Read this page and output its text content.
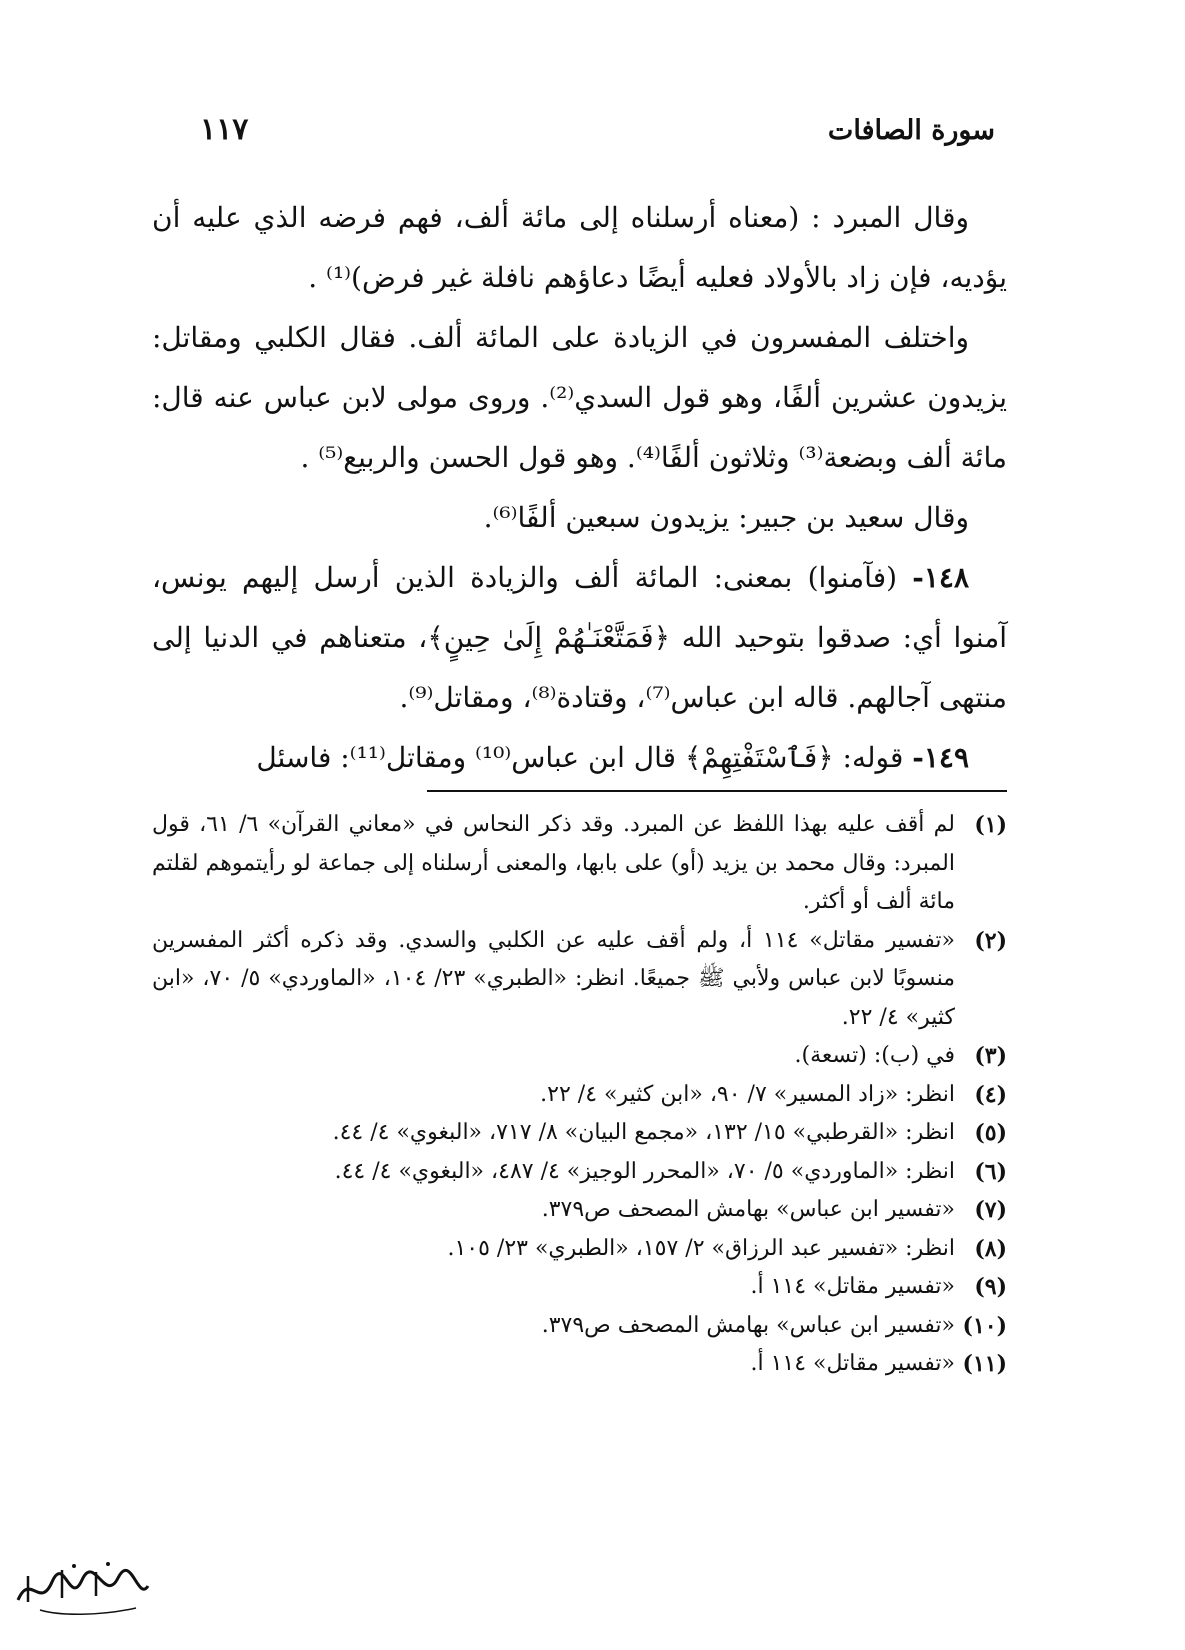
سورة الصافات
١١٧

وقال المبرد : (معناه أرسلناه إلى مائة ألف، فهم فرضه الذي عليه أن يؤديه، فإن زاد بالأولاد فعليه أيضًا دعاؤهم نافلة غير فرض)⁽¹⁾ .

واختلف المفسرون في الزيادة على المائة ألف. فقال الكلبي ومقاتل: يزيدون عشرين ألفًا، وهو قول السدي⁽²⁾. وروى مولى لابن عباس عنه قال: مائة ألف وبضعة⁽³⁾ وثلاثون ألفًا⁽⁴⁾. وهو قول الحسن والربيع⁽⁵⁾ .

وقال سعيد بن جبير: يزيدون سبعين ألفًا⁽⁶⁾.

١٤٨- (فآمنوا) بمعنى: المائة ألف والزيادة الذين أرسل إليهم يونس، آمنوا أي: صدقوا بتوحيد الله ﴿فَمَتَّعْنَـٰهُمْ إِلَىٰ حِينٍ﴾، متعناهم في الدنيا إلى منتهى آجالهم. قاله ابن عباس⁽⁷⁾، وقتادة⁽⁸⁾، ومقاتل⁽⁹⁾.

١٤٩- قوله: ﴿فَٱسْتَفْتِهِمْ﴾ قال ابن عباس⁽¹⁰⁾ ومقاتل⁽¹¹⁾: فاسئل

(١)
لم أقف عليه بهذا اللفظ عن المبرد. وقد ذكر النحاس في «معاني القرآن» ٦/ ٦١، قول المبرد: وقال محمد بن يزيد (أو) على بابها، والمعنى أرسلناه إلى جماعة لو رأيتموهم لقلتم مائة ألف أو أكثر.
(٢)
«تفسير مقاتل» ١١٤ أ، ولم أقف عليه عن الكلبي والسدي. وقد ذكره أكثر المفسرين منسوبًا لابن عباس ولأبي ﷺ جميعًا. انظر: «الطبري» ٢٣/ ١٠٤، «الماوردي» ٥/ ٧٠، «ابن كثير» ٤/ ٢٢.
(٣)
في (ب): (تسعة).
(٤)
انظر: «زاد المسير» ٧/ ٩٠، «ابن كثير» ٤/ ٢٢.
(٥)
انظر: «القرطبي» ١٥/ ١٣٢، «مجمع البيان» ٨/ ٧١٧، «البغوي» ٤/ ٤٤.
(٦)
انظر: «الماوردي» ٥/ ٧٠، «المحرر الوجيز» ٤/ ٤٨٧، «البغوي» ٤/ ٤٤.
(٧)
«تفسير ابن عباس» بهامش المصحف ص٣٧٩.
(٨)
انظر: «تفسير عبد الرزاق» ٢/ ١٥٧، «الطبري» ٢٣/ ١٠٥.
(٩)
«تفسير مقاتل» ١١٤ أ.
(١٠)
«تفسير ابن عباس» بهامش المصحف ص٣٧٩.
(١١)
«تفسير مقاتل» ١١٤ أ.
